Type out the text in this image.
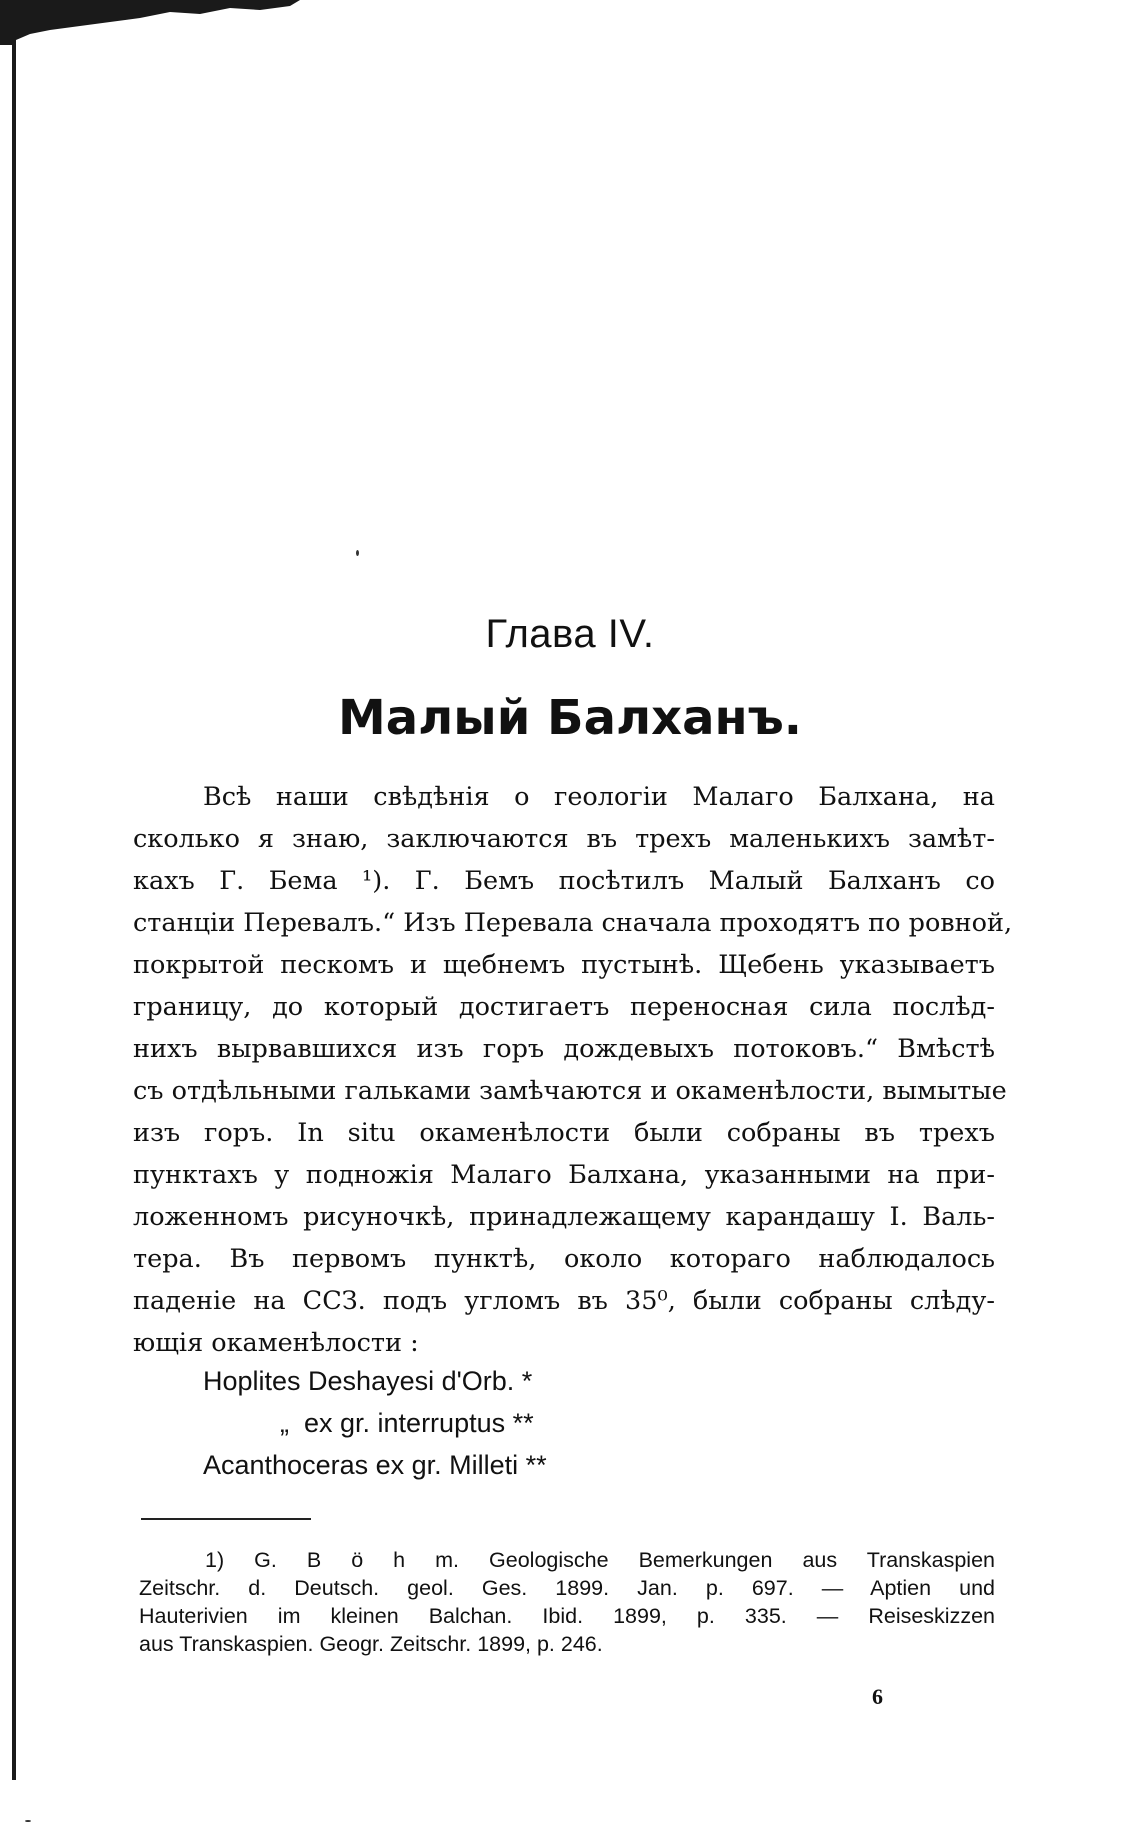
Глава IV.
Малый Балханъ.
Всѣ наши свѣдѣнія о геологіи Малаго Балхана, на
сколько я знаю, заключаются въ трехъ маленькихъ замѣт-
кахъ Г. Бема ¹). Г. Бемъ посѣтилъ Малый Балханъ со
станціи Перевалъ.“ Изъ Перевала сначала проходятъ по ровной,
покрытой пескомъ и щебнемъ пустынѣ. Щебень указываетъ
границу, до который достигаетъ переносная сила послѣд-
нихъ вырвавшихся изъ горъ дождевыхъ потоковъ.“ Вмѣстѣ
съ отдѣльными гальками замѣчаются и окаменѣлости, вымытые
изъ горъ. In situ окаменѣлости были собраны въ трехъ
пунктахъ у подножія Малаго Балхана, указанными на при-
ложенномъ рисуночкѣ, принадлежащему карандашу І. Валь-
тера. Въ первомъ пунктѣ, около котораго наблюдалось
паденіе на ССЗ. подъ угломъ въ 35⁰, были собраны слѣду-
ющія окаменѣлости :
Hoplites Deshayesi d'Orb. *
„  ex gr. interruptus **
Acanthoceras ex gr. Milleti **
1) G. B ö h m. Geologische Bemerkungen aus Transkaspien
Zeitschr. d. Deutsch. geol. Ges. 1899. Jan. p. 697. — Aptien und
Hauterivien im kleinen Balchan. Ibid. 1899, p. 335. — Reiseskizzen
aus Transkaspien. Geogr. Zeitschr. 1899, p. 246.
6
